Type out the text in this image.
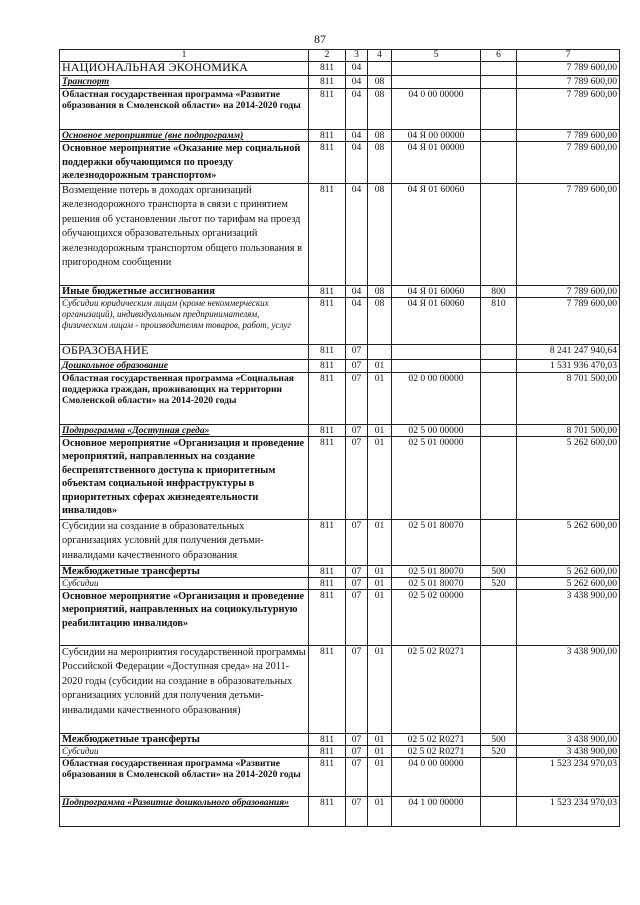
87
1	2	3	4	5	6	7
НАЦИОНАЛЬНАЯ ЭКОНОМИКА	811	04				7 789 600,00
Транспорт	811	04	08			7 789 600,00
Областная государственная программа «Развитие образования в Смоленской области» на 2014-2020 годы	811	04	08	04 0 00 00000		7 789 600,00
Основное мероприятие (вне подпрограмм)	811	04	08	04 Я 00 00000		7 789 600,00
Основное мероприятие «Оказание мер социальной поддержки обучающимся по проезду железнодорожным транспортом»	811	04	08	04 Я 01 00000		7 789 600,00
Возмещение потерь в доходах организаций железнодорожного транспорта в связи с принятием решения об установлении льгот по тарифам на проезд обучающихся образовательных организаций железнодорожным транспортом общего пользования в пригородном сообщении	811	04	08	04 Я 01 60060		7 789 600,00
Иные бюджетные ассигнования	811	04	08	04 Я 01 60060	800	7 789 600,00
Субсидии юридическим лицам (кроме некоммерческих организаций), индивидуальным предпринимателям, физическим лицам - производителям товаров, работ, услуг	811	04	08	04 Я 01 60060	810	7 789 600,00
ОБРАЗОВАНИЕ	811	07				8 241 247 940,64
Дошкольное образование	811	07	01			1 531 936 470,03
Областная государственная программа «Социальная поддержка граждан, проживающих на территории Смоленской области» на 2014-2020 годы	811	07	01	02 0 00 00000		8 701 500,00
Подпрограмма «Доступная среда»	811	07	01	02 5 00 00000		8 701 500,00
Основное мероприятие «Организация и проведение мероприятий, направленных на создание беспрепятственного доступа к приоритетным объектам социальной инфраструктуры в приоритетных сферах жизнедеятельности инвалидов»	811	07	01	02 5 01 00000		5 262 600,00
Субсидии на создание в образовательных организациях условий для получения детьми-инвалидами качественного образования	811	07	01	02 5 01 80070		5 262 600,00
Межбюджетные трансферты	811	07	01	02 5 01 80070	500	5 262 600,00
Субсидии	811	07	01	02 5 01 80070	520	5 262 600,00
Основное мероприятие «Организация и проведение мероприятий, направленных на социокультурную реабилитацию инвалидов»	811	07	01	02 5 02 00000		3 438 900,00
Субсидии на мероприятия государственной программы Российской Федерации «Доступная среда» на 2011-2020 годы (субсидии на создание в образовательных организациях условий для получения детьми-инвалидами качественного образования)	811	07	01	02 5 02 R0271		3 438 900,00
Межбюджетные трансферты	811	07	01	02 5 02 R0271	500	3 438 900,00
Субсидии	811	07	01	02 5 02 R0271	520	3 438 900,00
Областная государственная программа «Развитие образования в Смоленской области» на 2014-2020 годы	811	07	01	04 0 00 00000		1 523 234 970,03
Подпрограмма «Развитие дошкольного образования»	811	07	01	04 1 00 00000		1 523 234 970,03
